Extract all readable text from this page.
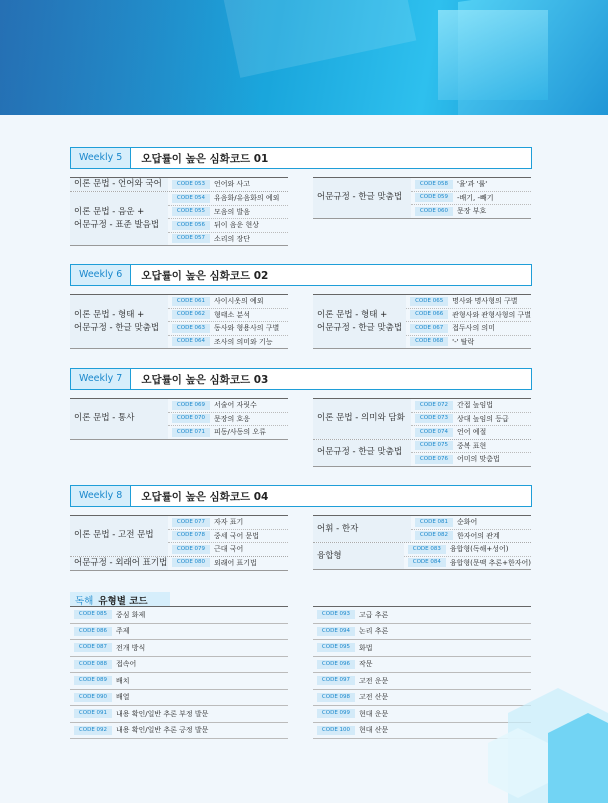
Weekly 5	오답률이 높은 심화코드 01
이론 문법 - 언어와 국어	CODE 053	언어와 사고
이론 문법 - 음운 +
어문규정 - 표준 발음법
CODE 054	유음화/유음화의 예외
CODE 055	모음의 발음
CODE 056	뒤이 음운 현상
CODE 057	소리의 장단
어문규정 - 한글 맞춤법
CODE 058	'율'과 '률'
CODE 059	-배기, -빼기
CODE 060	문장 부호
Weekly 6	오답률이 높은 심화코드 02
이론 문법 - 형태 +
어문규정 - 한글 맞춤법
CODE 061	사이시옷의 예외
CODE 062	형태소 분석
CODE 063	동사와 형용사의 구별
CODE 064	조사의 의미와 기능
이론 문법 - 형태 +
어문규정 - 한글 맞춤법
CODE 065	명사와 명사형의 구별
CODE 066	관형사와 관형사형의 구별
CODE 067	접두사의 의미
CODE 068	'-' 탈락
Weekly 7	오답률이 높은 심화코드 03
이론 문법 - 통사
CODE 069	서술어 자릿수
CODE 070	문장의 호응
CODE 071	피동/사동의 오류
이론 문법 - 의미와 담화
CODE 072	간접 높임법
CODE 073	상대 높임의 등급
CODE 074	언어 예절
어문규정 - 한글 맞춤법
CODE 075	중복 표현
CODE 076	어미의 맞춤법
Weekly 8	오답률이 높은 심화코드 04
이론 문법 - 고전 문법
CODE 077	자자 표기
CODE 078	중세 국어 문법
CODE 079	근대 국어
어문규정 - 외래어 표기법	CODE 080	외래어 표기법
어휘 - 한자
CODE 081	순화어
CODE 082	한자어의 관계
융합형
CODE 083	융합형(독해+성어)
CODE 084	융합형(문맥 추론+한자어)
독해 유형별 코드
CODE 085	중심 화제
CODE 086	주제
CODE 087	전개 방식
CODE 088	접속어
CODE 089	배치
CODE 090	배열
CODE 091	내용 확인/일반 추론 부정 발문
CODE 092	내용 확인/일반 추론 긍정 발문
CODE 093	고급 추론
CODE 094	논리 추론
CODE 095	화법
CODE 096	작문
CODE 097	고전 운문
CODE 098	고전 산문
CODE 099	현대 운문
CODE 100	현대 산문
